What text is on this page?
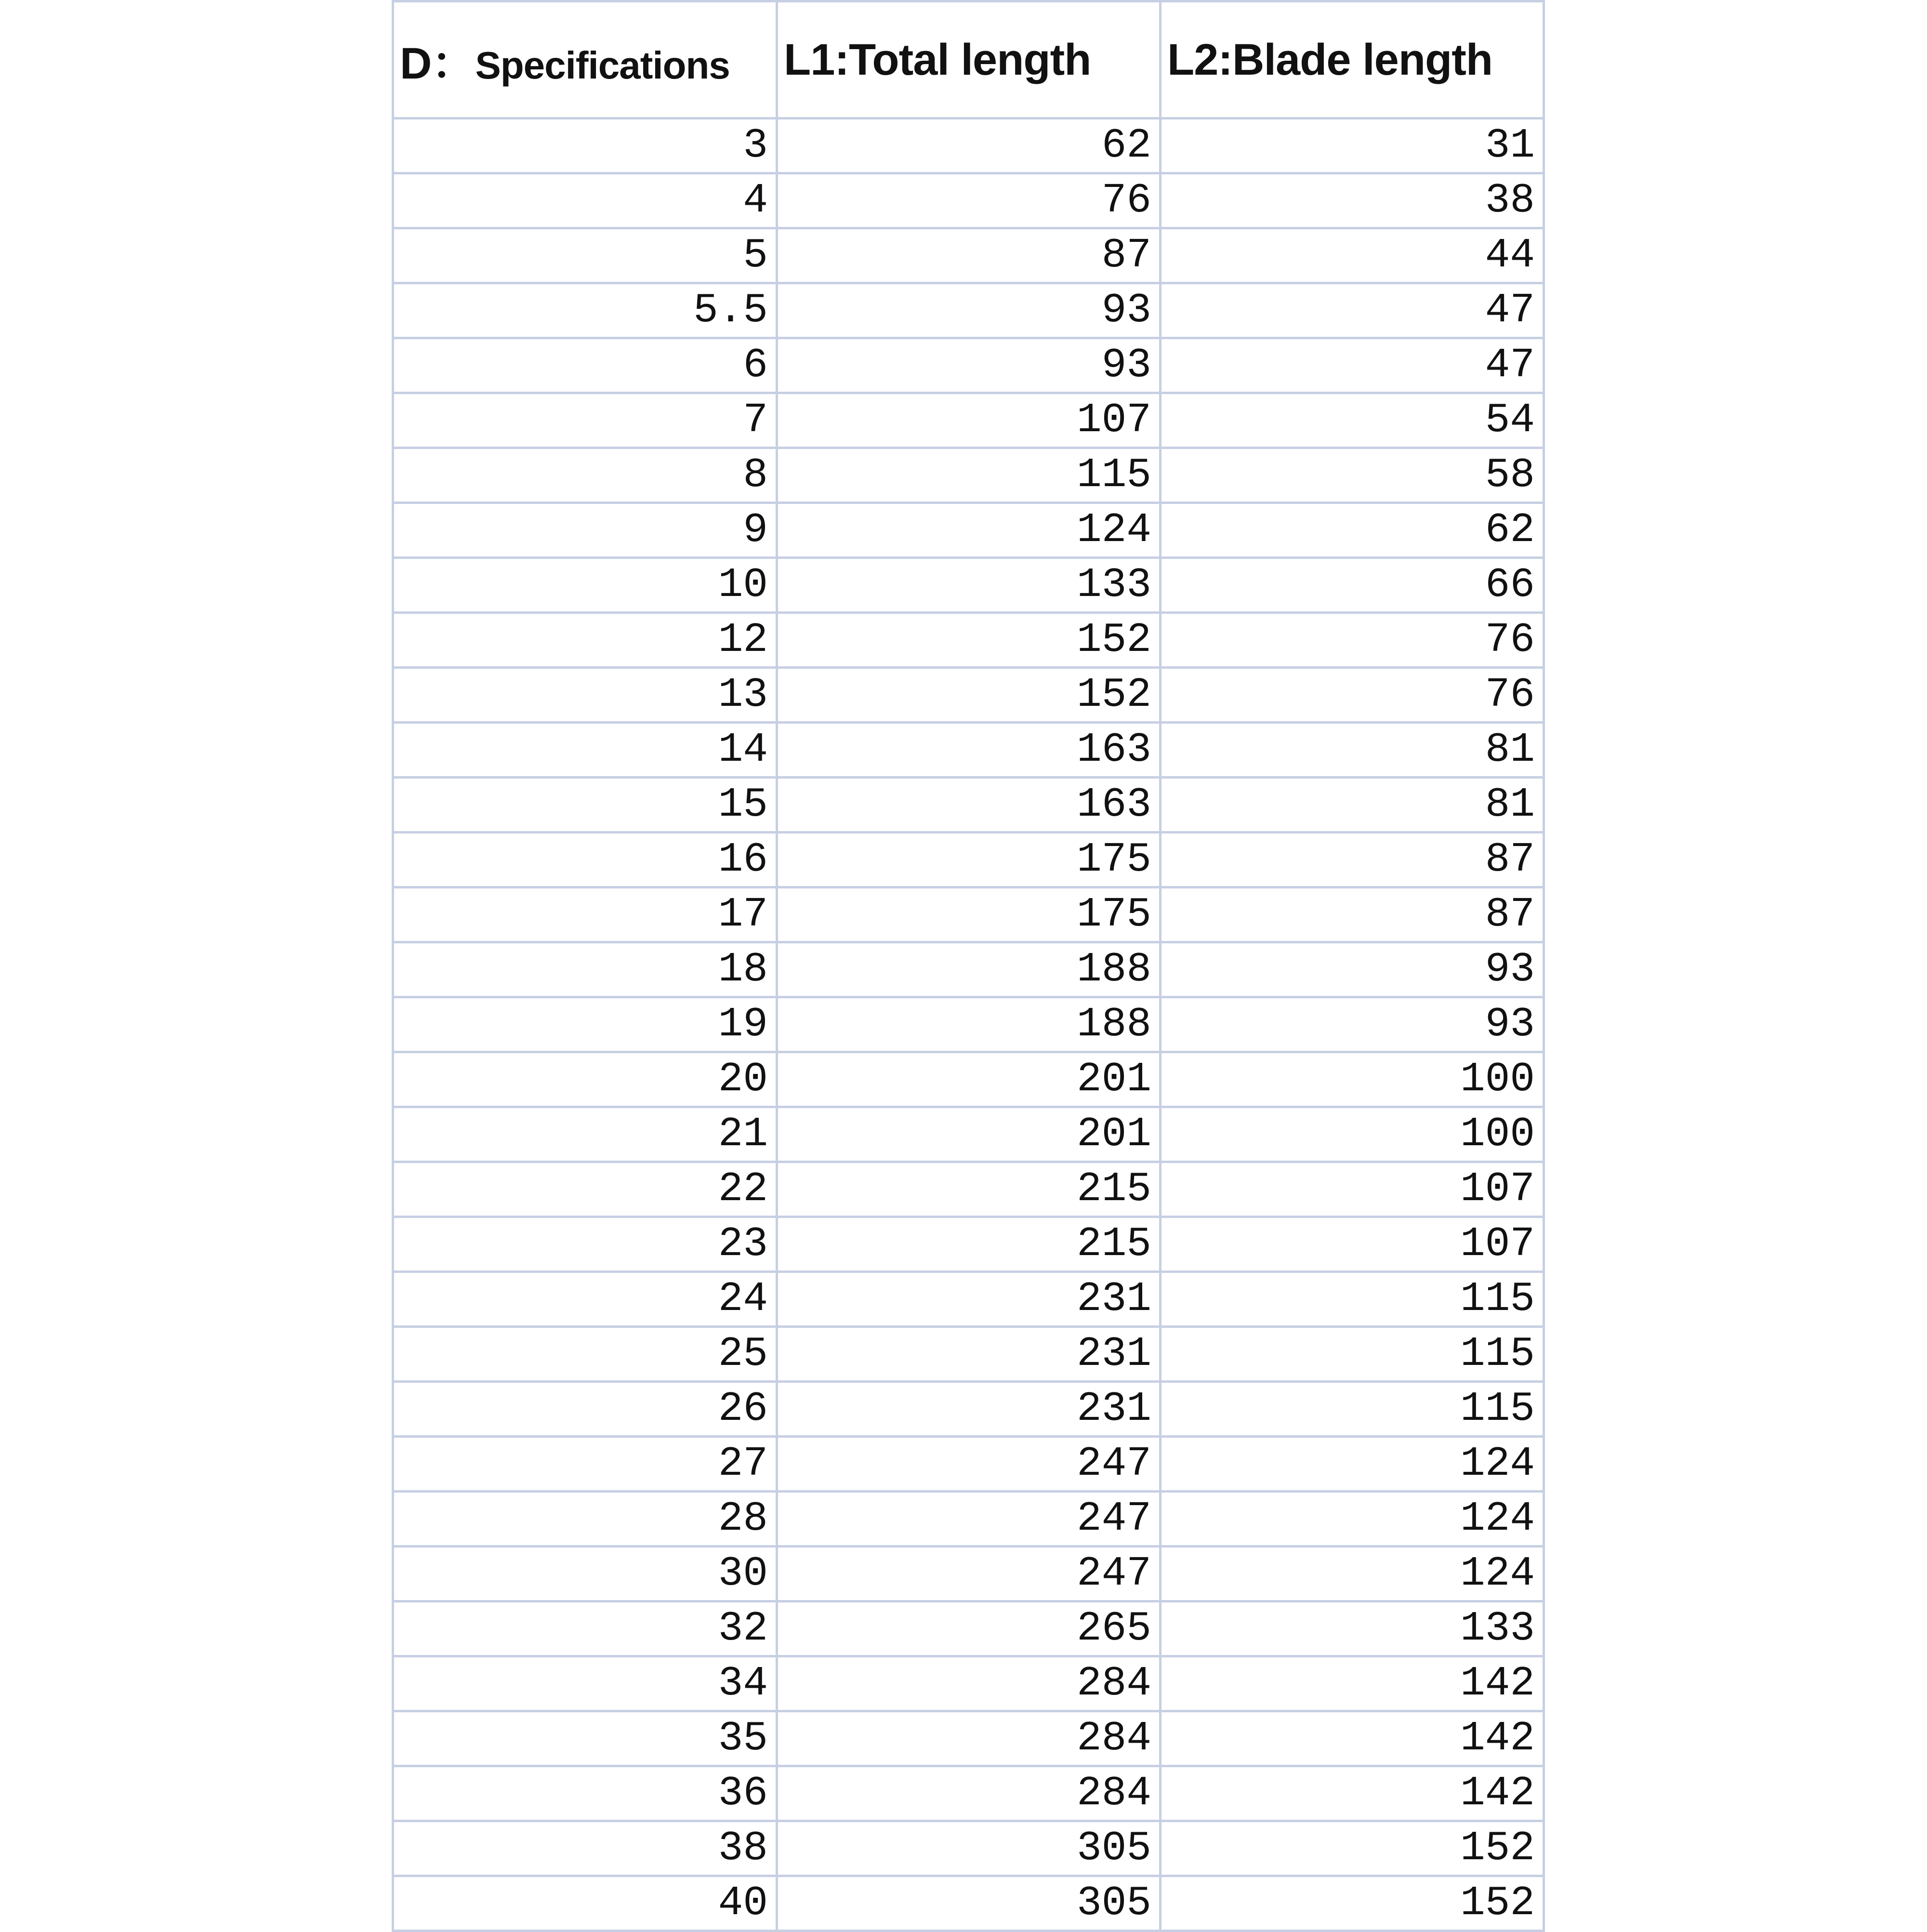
D：Specifications	L1:Total length	L2:Blade length
3	62	31
4	76	38
5	87	44
5.5	93	47
6	93	47
7	107	54
8	115	58
9	124	62
10	133	66
12	152	76
13	152	76
14	163	81
15	163	81
16	175	87
17	175	87
18	188	93
19	188	93
20	201	100
21	201	100
22	215	107
23	215	107
24	231	115
25	231	115
26	231	115
27	247	124
28	247	124
30	247	124
32	265	133
34	284	142
35	284	142
36	284	142
38	305	152
40	305	152
